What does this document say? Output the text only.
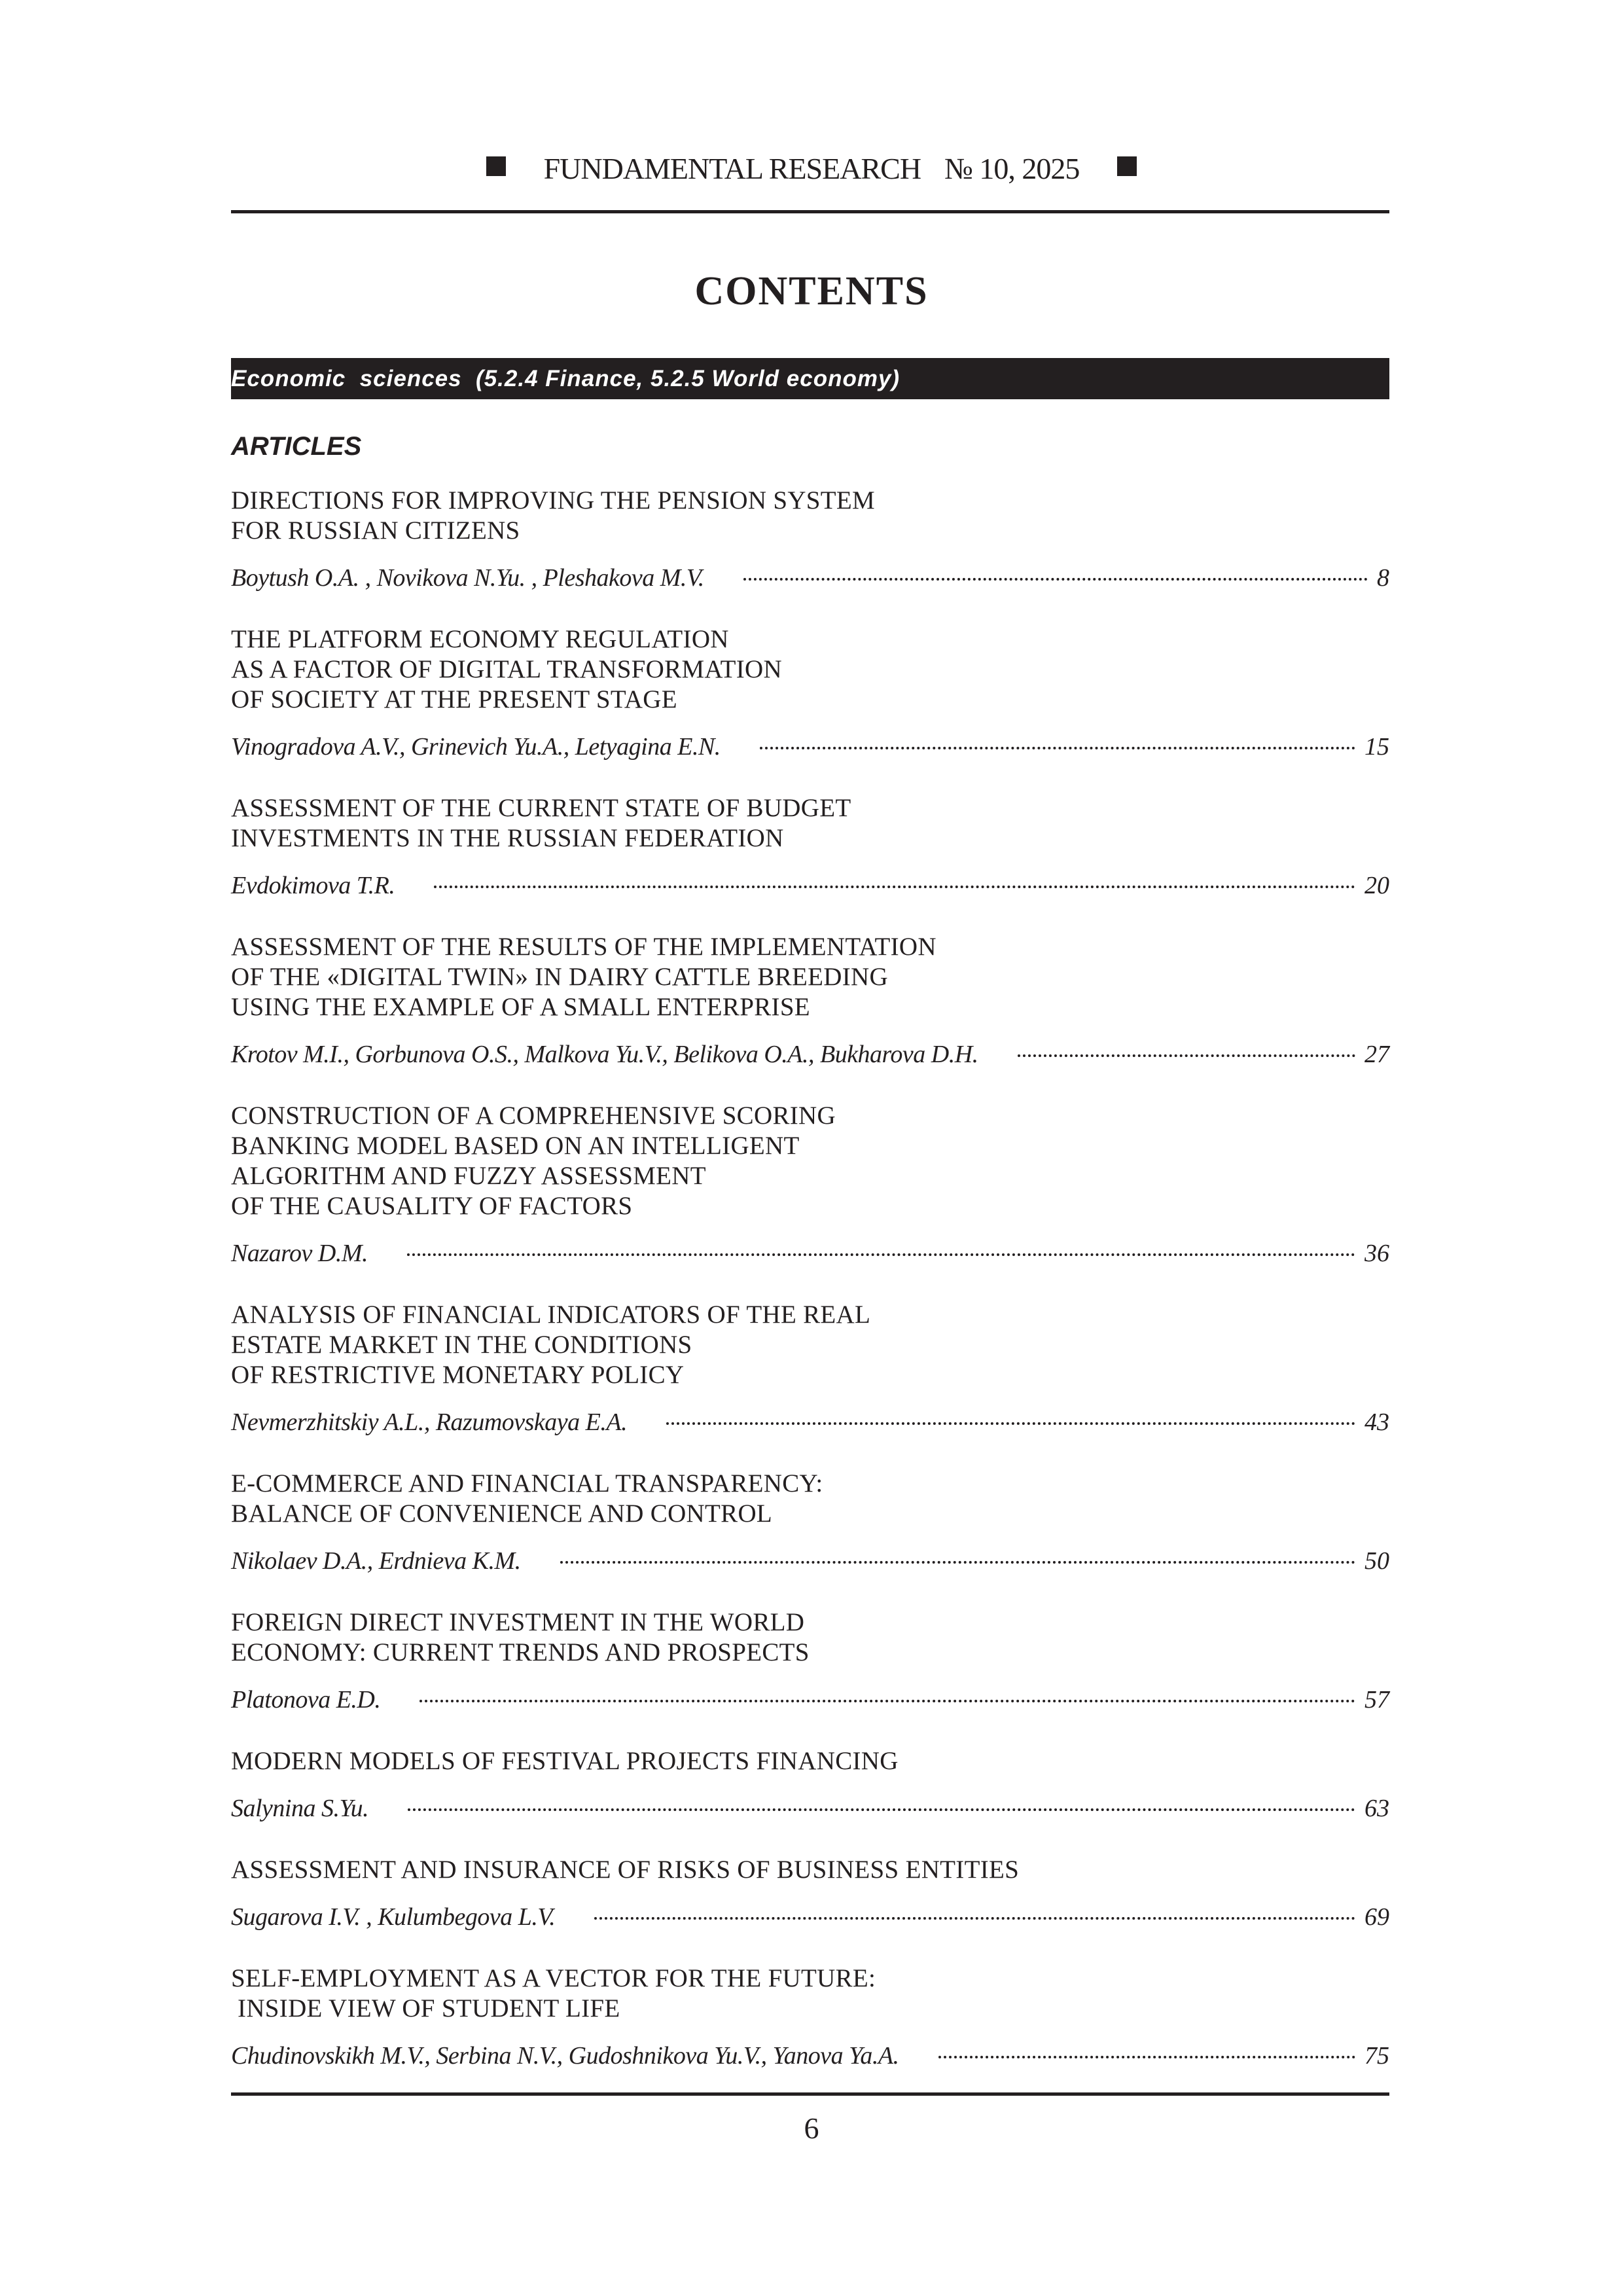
FUNDAMENTAL RESEARCH № 10, 2025
CONTENTS
Economic  sciences  (5.2.4 Finance, 5.2.5 World economy)
ARTICLES
DIRECTIONS FOR IMPROVING THE PENSION SYSTEM
FOR RUSSIAN CITIZENS
Boytush O.A. , Novikova N.Yu. , Pleshakova M.V.	8
THE PLATFORM ECONOMY REGULATION
AS A FACTOR OF DIGITAL TRANSFORMATION
OF SOCIETY AT THE PRESENT STAGE
Vinogradova A.V., Grinevich Yu.A., Letyagina E.N.	15
ASSESSMENT OF THE CURRENT STATE OF BUDGET
INVESTMENTS IN THE RUSSIAN FEDERATION
Evdokimova T.R.	20
ASSESSMENT OF THE RESULTS OF THE IMPLEMENTATION
OF THE «DIGITAL TWIN» IN DAIRY CATTLE BREEDING
USING THE EXAMPLE OF A SMALL ENTERPRISE
Krotov M.I., Gorbunova O.S., Malkova Yu.V., Belikova O.A., Bukharova D.H.	27
CONSTRUCTION OF A COMPREHENSIVE SCORING
BANKING MODEL BASED ON AN INTELLIGENT
ALGORITHM AND FUZZY ASSESSMENT
OF THE CAUSALITY OF FACTORS
Nazarov D.M.	36
ANALYSIS OF FINANCIAL INDICATORS OF THE REAL
ESTATE MARKET IN THE CONDITIONS
OF RESTRICTIVE MONETARY POLICY
Nevmerzhitskiy A.L., Razumovskaya E.A.	43
E-COMMERCE AND FINANCIAL TRANSPARENCY:
BALANCE OF CONVENIENCE AND CONTROL
Nikolaev D.A., Erdnieva K.M.	50
FOREIGN DIRECT INVESTMENT IN THE WORLD
ECONOMY: CURRENT TRENDS AND PROSPECTS
Platonova E.D.	57
MODERN MODELS OF FESTIVAL PROJECTS FINANCING
Salynina S.Yu.	63
ASSESSMENT AND INSURANCE OF RISKS OF BUSINESS ENTITIES
Sugarova I.V. , Kulumbegova L.V.	69
SELF-EMPLOYMENT AS A VECTOR FOR THE FUTURE:
INSIDE VIEW OF STUDENT LIFE
Chudinovskikh M.V., Serbina N.V., Gudoshnikova Yu.V., Yanova Ya.A.	75
6
